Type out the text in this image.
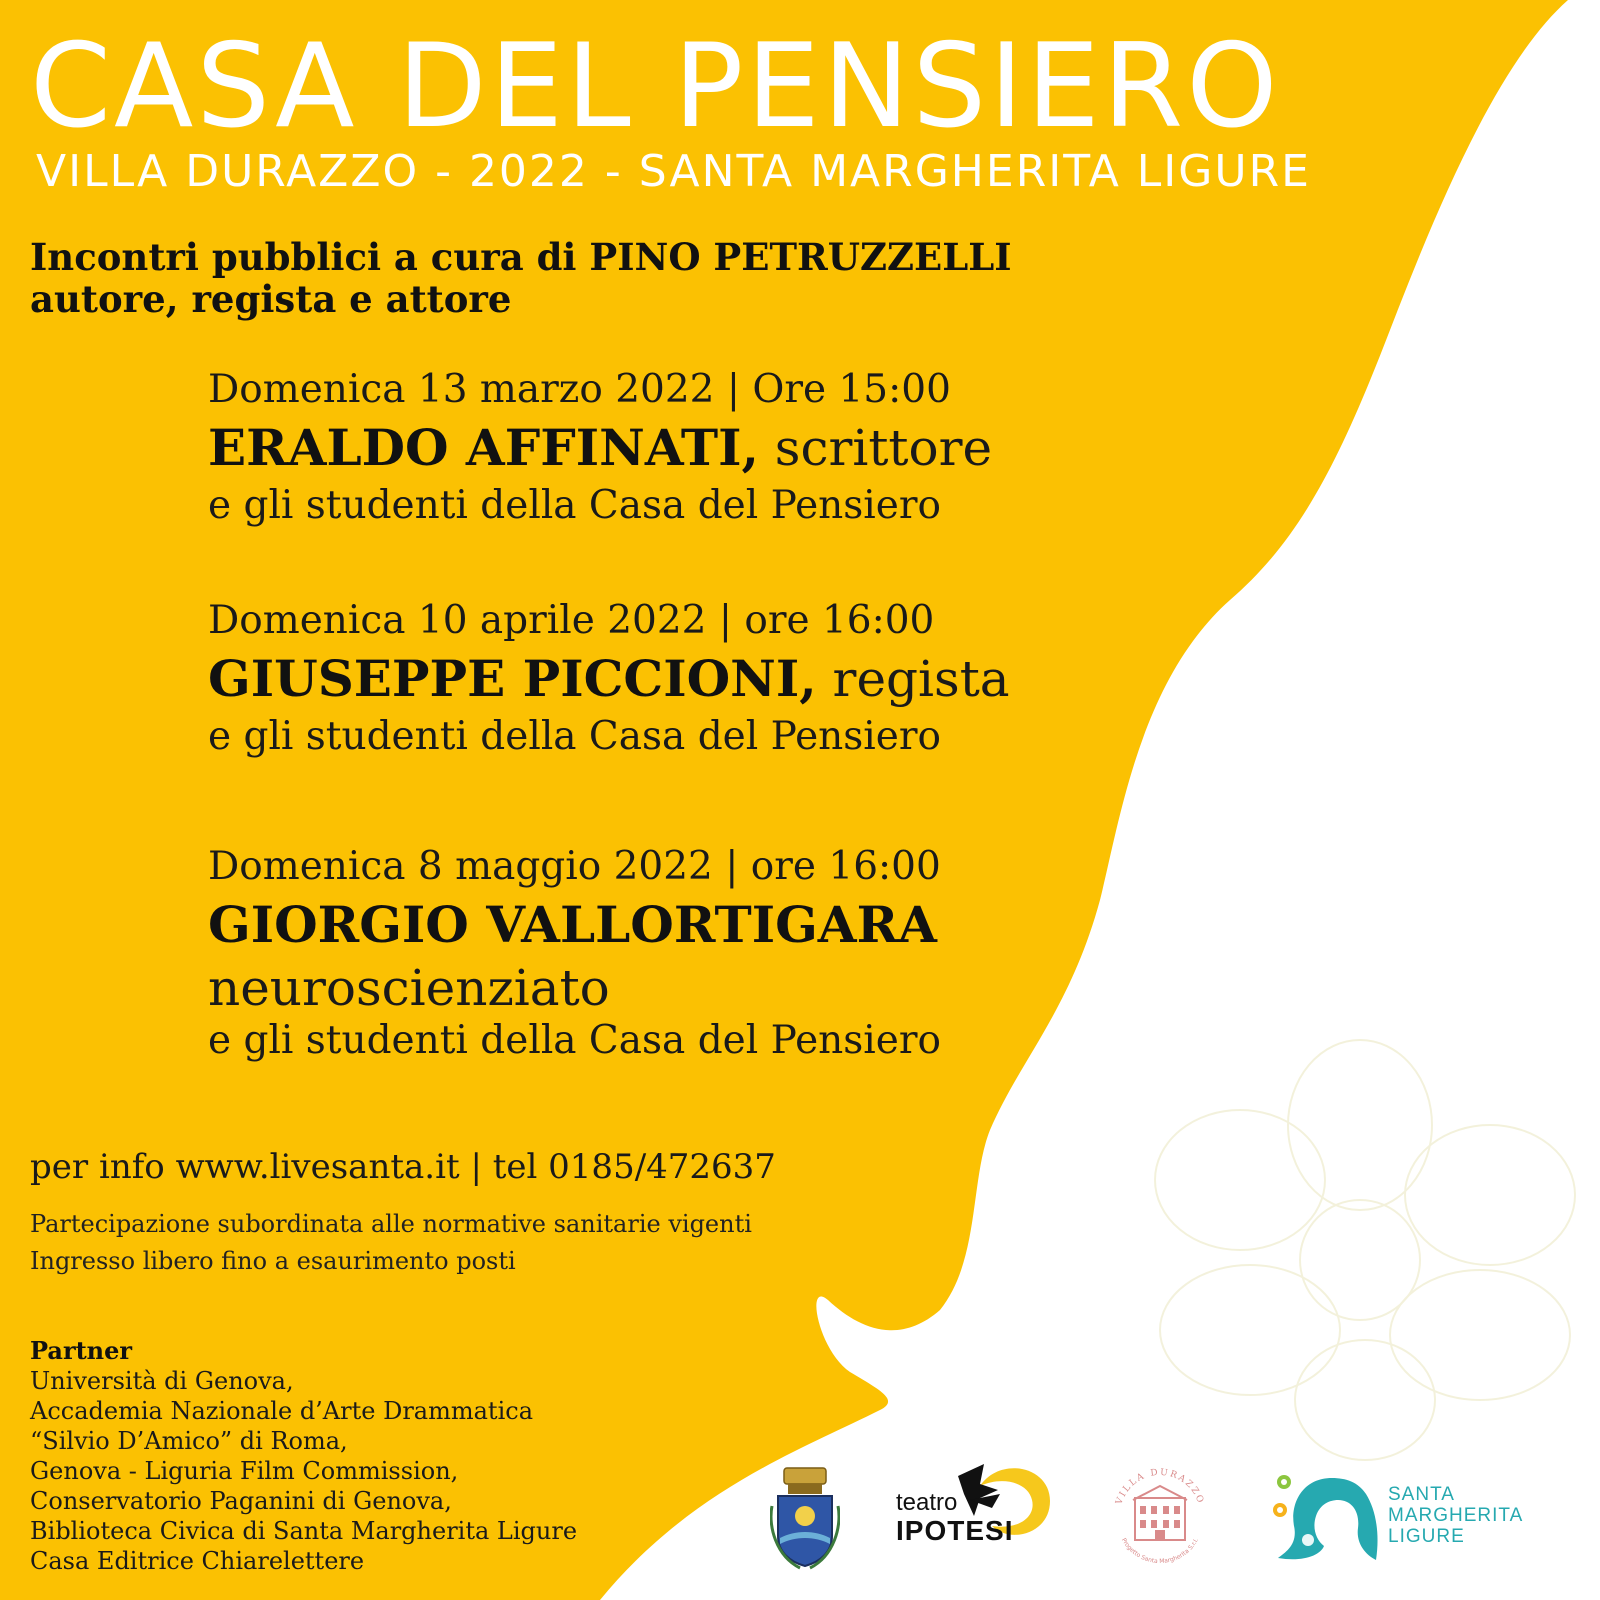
CASA DEL PENSIERO
VILLA DURAZZO - 2022 - SANTA MARGHERITA LIGURE
Incontri pubblici a cura di PINO PETRUZZELLI
autore, regista e attore
Domenica 13 marzo 2022 | Ore 15:00
ERALDO AFFINATI, scrittore
e gli studenti della Casa del Pensiero
Domenica 10 aprile 2022 | ore 16:00
GIUSEPPE PICCIONI, regista
e gli studenti della Casa del Pensiero
Domenica 8 maggio 2022 | ore 16:00
GIORGIO VALLORTIGARA
neuroscienziato
e gli studenti della Casa del Pensiero
per info www.livesanta.it | tel 0185/472637
Partecipazione subordinata alle normative sanitarie vigenti
Ingresso libero fino a esaurimento posti
Partner
Università di Genova,
Accademia Nazionale d’Arte Drammatica
“Silvio D’Amico” di Roma,
Genova - Liguria Film Commission,
Conservatorio Paganini di Genova,
Biblioteca Civica di Santa Margherita Ligure
Casa Editrice Chiarelettere
teatro
IPOTESI
VILLA DURAZZO
Progetto Santa Margherita S.r.l.
SANTA
MARGHERITA
LIGURE
